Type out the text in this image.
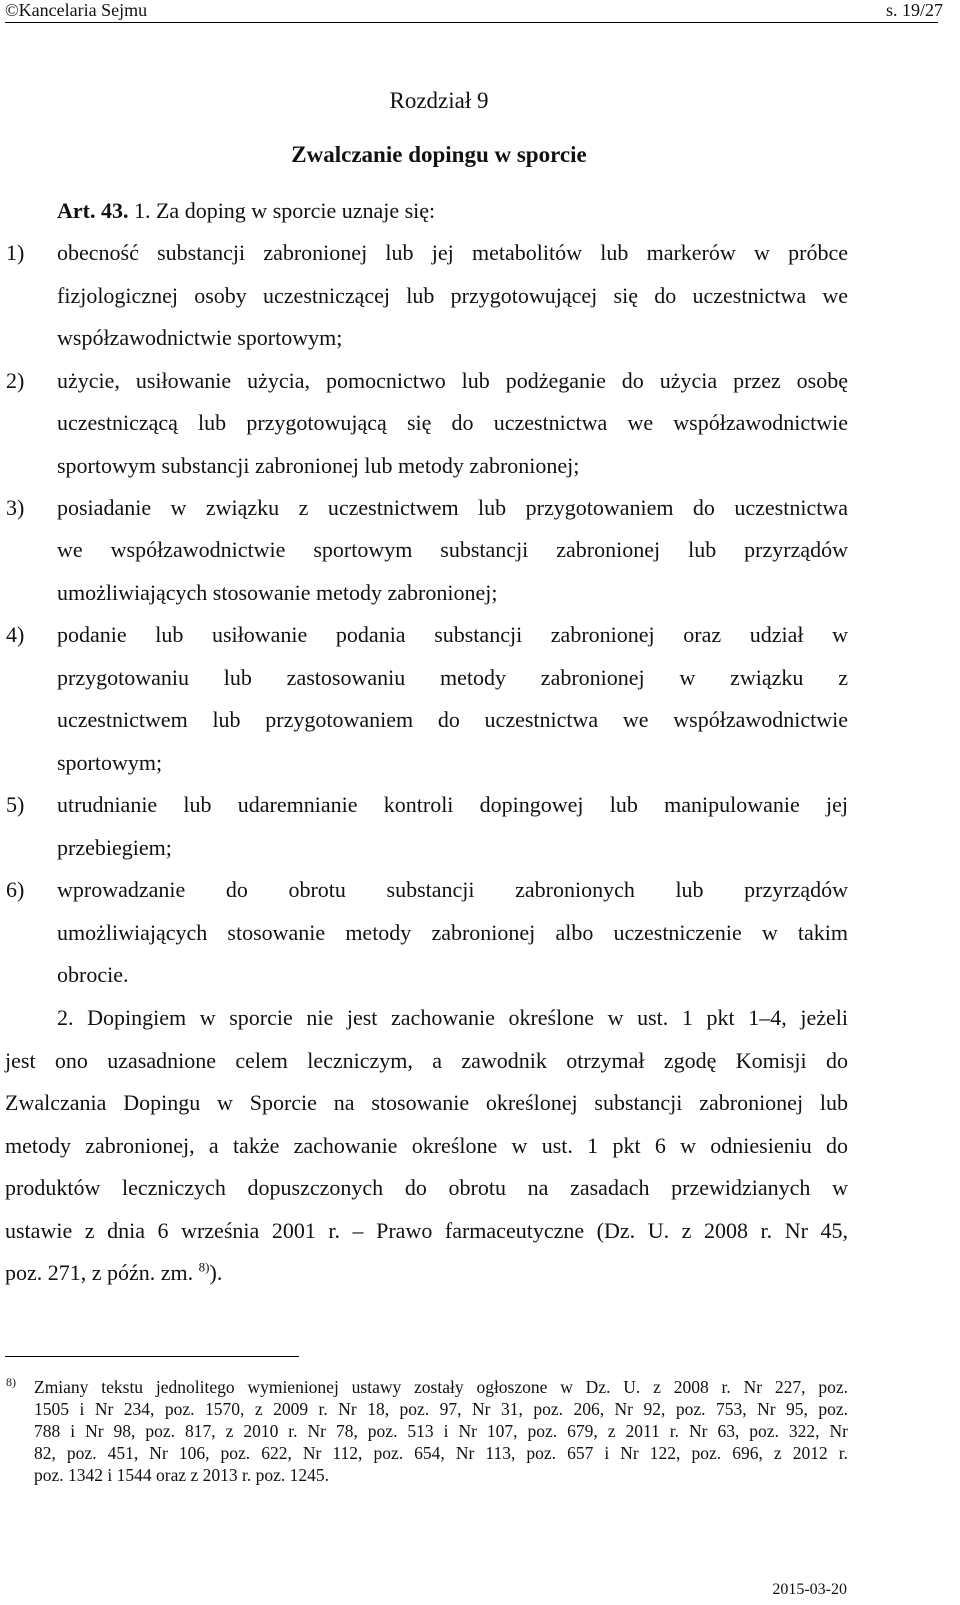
©Kancelaria Sejmu	s. 19/27
Rozdział 9
Zwalczanie dopingu w sporcie
Art. 43. 1. Za doping w sporcie uznaje się:
1) obecność substancji zabronionej lub jej metabolitów lub markerów w próbce
fizjologicznej osoby uczestniczącej lub przygotowującej się do uczestnictwa we
współzawodnictwie sportowym;
2) użycie, usiłowanie użycia, pomocnictwo lub podżeganie do użycia przez osobę
uczestniczącą lub przygotowującą się do uczestnictwa we współzawodnictwie
sportowym substancji zabronionej lub metody zabronionej;
3) posiadanie w związku z uczestnictwem lub przygotowaniem do uczestnictwa
we współzawodnictwie sportowym substancji zabronionej lub przyrządów
umożliwiających stosowanie metody zabronionej;
4) podanie lub usiłowanie podania substancji zabronionej oraz udział w
przygotowaniu lub zastosowaniu metody zabronionej w związku z
uczestnictwem lub przygotowaniem do uczestnictwa we współzawodnictwie
sportowym;
5) utrudnianie lub udaremnianie kontroli dopingowej lub manipulowanie jej
przebiegiem;
6) wprowadzanie do obrotu substancji zabronionych lub przyrządów
umożliwiających stosowanie metody zabronionej albo uczestniczenie w takim
obrocie.
2. Dopingiem w sporcie nie jest zachowanie określone w ust. 1 pkt 1–4, jeżeli
jest ono uzasadnione celem leczniczym, a zawodnik otrzymał zgodę Komisji do
Zwalczania Dopingu w Sporcie na stosowanie określonej substancji zabronionej lub
metody zabronionej, a także zachowanie określone w ust. 1 pkt 6 w odniesieniu do
produktów leczniczych dopuszczonych do obrotu na zasadach przewidzianych w
ustawie z dnia 6 września 2001 r. – Prawo farmaceutyczne (Dz. U. z 2008 r. Nr 45,
poz. 271, z późn. zm. $^{8)}$).
8) Zmiany tekstu jednolitego wymienionej ustawy zostały ogłoszone w Dz. U. z 2008 r. Nr 227, poz.
1505 i Nr 234, poz. 1570, z 2009 r. Nr 18, poz. 97, Nr 31, poz. 206, Nr 92, poz. 753, Nr 95, poz.
788 i Nr 98, poz. 817, z 2010 r. Nr 78, poz. 513 i Nr 107, poz. 679, z 2011 r. Nr 63, poz. 322, Nr
82, poz. 451, Nr 106, poz. 622, Nr 112, poz. 654, Nr 113, poz. 657 i Nr 122, poz. 696, z 2012 r.
poz. 1342 i 1544 oraz z 2013 r. poz. 1245.
2015-03-20
